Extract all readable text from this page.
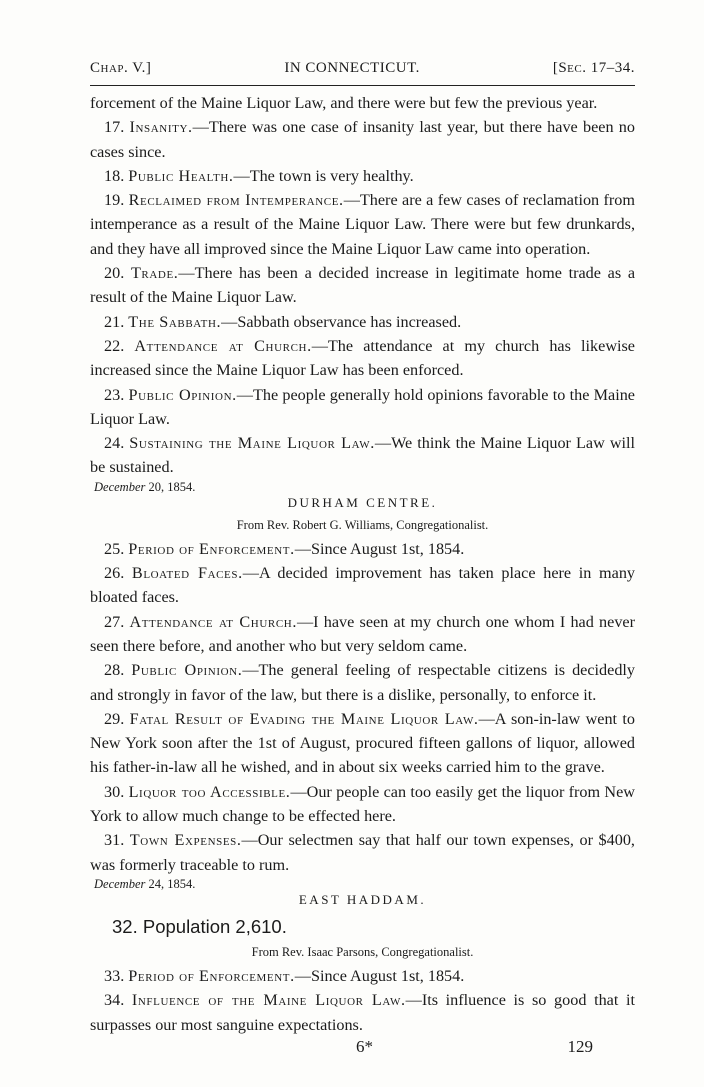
Chap. V.]	IN CONNECTICUT.	[Sec. 17–34.

forcement of the Maine Liquor Law, and there were but few the previous year.

17. Insanity.—There was one case of insanity last year, but there have been no cases since.

18. Public Health.—The town is very healthy.

19. Reclaimed from Intemperance.—There are a few cases of reclamation from intemperance as a result of the Maine Liquor Law. There were but few drunkards, and they have all improved since the Maine Liquor Law came into operation.

20. Trade.—There has been a decided increase in legitimate home trade as a result of the Maine Liquor Law.

21. The Sabbath.—Sabbath observance has increased.

22. Attendance at Church.—The attendance at my church has likewise increased since the Maine Liquor Law has been enforced.

23. Public Opinion.—The people generally hold opinions favorable to the Maine Liquor Law.

24. Sustaining the Maine Liquor Law.—We think the Maine Liquor Law will be sustained.

December 20, 1854.
DURHAM CENTRE.
From Rev. Robert G. Williams, Congregationalist.

25. Period of Enforcement.—Since August 1st, 1854.

26. Bloated Faces.—A decided improvement has taken place here in many bloated faces.

27. Attendance at Church.—I have seen at my church one whom I had never seen there before, and another who but very seldom came.

28. Public Opinion.—The general feeling of respectable citizens is decidedly and strongly in favor of the law, but there is a dislike, personally, to enforce it.

29. Fatal Result of Evading the Maine Liquor Law.—A son-in-law went to New York soon after the 1st of August, procured fifteen gallons of liquor, allowed his father-in-law all he wished, and in about six weeks carried him to the grave.

30. Liquor too Accessible.—Our people can too easily get the liquor from New York to allow much change to be effected here.

31. Town Expenses.—Our selectmen say that half our town expenses, or $400, was formerly traceable to rum.

December 24, 1854.
EAST HADDAM.
32. Population 2,610.
From Rev. Isaac Parsons, Congregationalist.

33. Period of Enforcement.—Since August 1st, 1854.

34. Influence of the Maine Liquor Law.—Its influence is so good that it surpasses our most sanguine expectations.

6*	129
